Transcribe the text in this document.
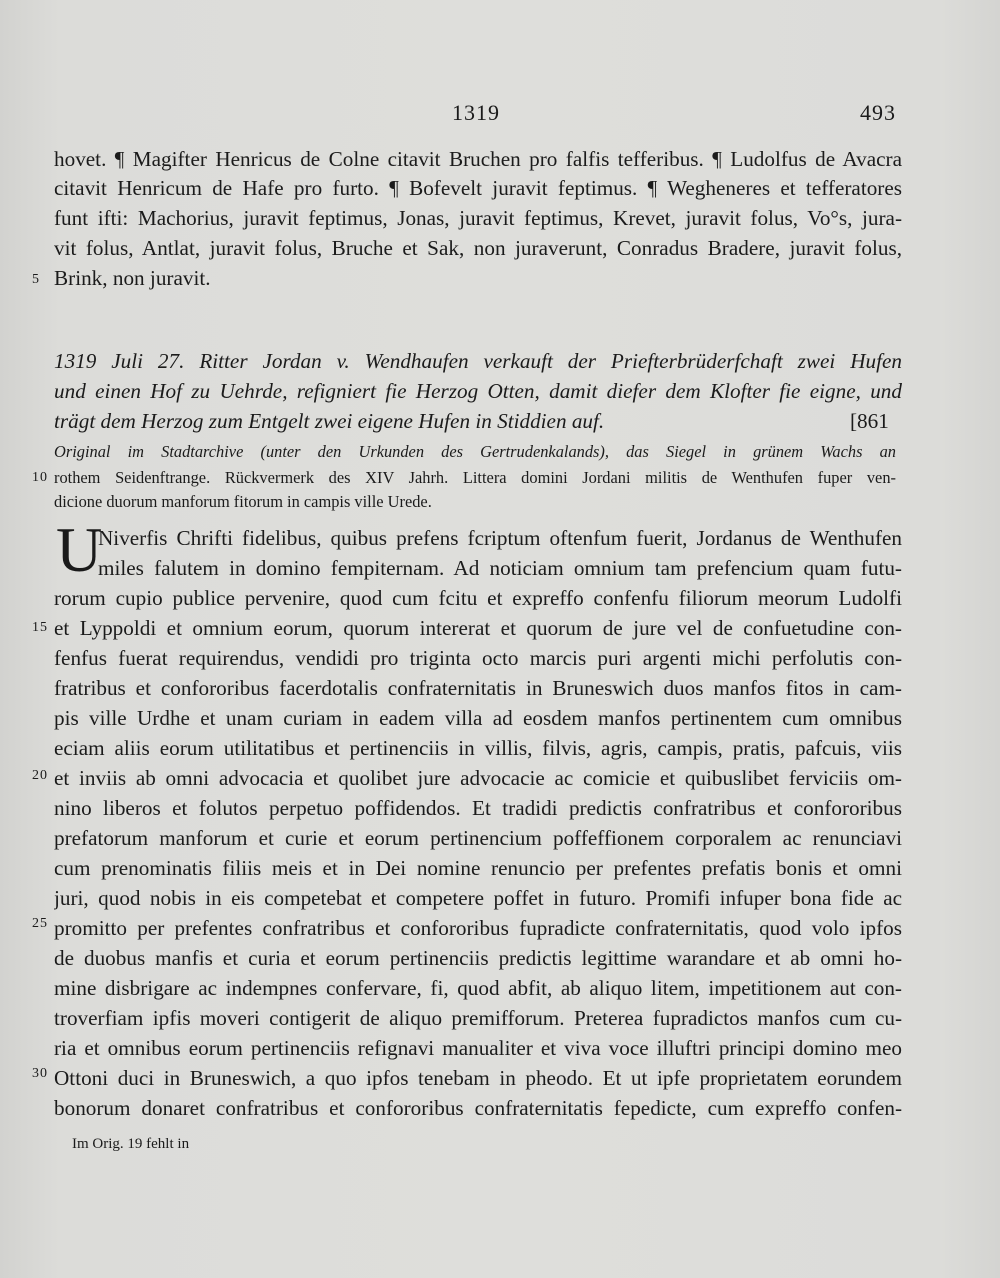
1319	493
hovet. ¶ Magifter Henricus de Colne citavit Bruchen pro falfis tefferibus. ¶ Ludolfus de Avacra
citavit Henricum de Hafe pro furto. ¶ Bofevelt juravit feptimus. ¶ Wegheneres et tefferatores
funt ifti: Machorius, juravit feptimus, Jonas, juravit feptimus, Krevet, juravit folus, Vo°s, jura-
vit folus, Antlat, juravit folus, Bruche et Sak, non juraverunt, Conradus Bradere, juravit folus,
Brink, non juravit.
5
1319 Juli 27. Ritter Jordan v. Wendhaufen verkauft der Priefterbrüderfchaft zwei Hufen
und einen Hof zu Uehrde, refigniert fie Herzog Otten, damit diefer dem Klofter fie eigne, und
trägt dem Herzog zum Entgelt zwei eigene Hufen in Stiddien auf.	[861
Original im Stadtarchive (unter den Urkunden des Gertrudenkalands), das Siegel in grünem Wachs an
rothem Seidenftrange. Rückvermerk des XIV Jahrh. Littera domini Jordani militis de Wenthufen fuper ven-
10
dicione duorum manforum fitorum in campis ville Urede.
U
Niverfis Chrifti fidelibus, quibus prefens fcriptum oftenfum fuerit, Jordanus de Wenthufen
miles falutem in domino fempiternam. Ad noticiam omnium tam prefencium quam futu-
rorum cupio publice pervenire, quod cum fcitu et expreffo confenfu filiorum meorum Ludolfi
et Lyppoldi et omnium eorum, quorum intererat et quorum de jure vel de confuetudine con-
15
fenfus fuerat requirendus, vendidi pro triginta octo marcis puri argenti michi perfolutis con-
fratribus et confororibus facerdotalis confraternitatis in Bruneswich duos manfos fitos in cam-
pis ville Urdhe et unam curiam in eadem villa ad eosdem manfos pertinentem cum omnibus
eciam aliis eorum utilitatibus et pertinenciis in villis, filvis, agris, campis, pratis, pafcuis, viis
et inviis ab omni advocacia et quolibet jure advocacie ac comicie et quibuslibet ferviciis om-
20
nino liberos et folutos perpetuo poffidendos. Et tradidi predictis confratribus et confororibus
prefatorum manforum et curie et eorum pertinencium poffeffionem corporalem ac renunciavi
cum prenominatis filiis meis et in Dei nomine renuncio per prefentes prefatis bonis et omni
juri, quod nobis in eis competebat et competere poffet in futuro. Promifi infuper bona fide ac
promitto per prefentes confratribus et confororibus fupradicte confraternitatis, quod volo ipfos
25
de duobus manfis et curia et eorum pertinenciis predictis legittime warandare et ab omni ho-
mine disbrigare ac indempnes confervare, fi, quod abfit, ab aliquo litem, impetitionem aut con-
troverfiam ipfis moveri contigerit de aliquo premifforum. Preterea fupradictos manfos cum cu-
ria et omnibus eorum pertinenciis refignavi manualiter et viva voce illuftri principi domino meo
Ottoni duci in Bruneswich, a quo ipfos tenebam in pheodo. Et ut ipfe proprietatem eorundem
30
bonorum donaret confratribus et confororibus confraternitatis fepedicte, cum expreffo confen-
Im Orig. 19 fehlt in
